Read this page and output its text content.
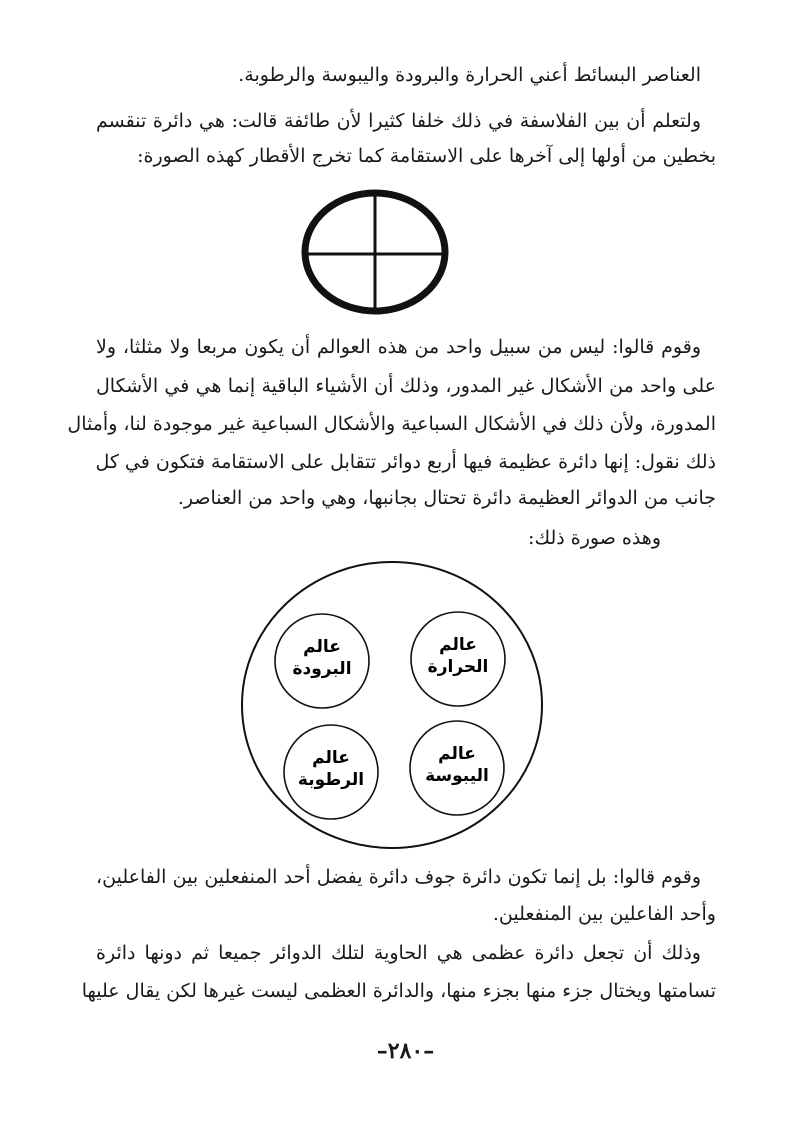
العناصر البسائط أعني الحرارة والبرودة واليبوسة والرطوبة.
ولتعلم أن بين الفلاسفة في ذلك خلفا كثيرا لأن طائفة قالت: هي دائرة تنقسم
بخطين من أولها إلى آخرها على الاستقامة كما تخرج الأقطار كهذه الصورة:
وقوم قالوا: ليس من سبيل واحد من هذه العوالم أن يكون مربعا ولا مثلثا، ولا
على واحد من الأشكال غير المدور، وذلك أن الأشياء الباقية إنما هي في الأشكال
المدورة، ولأن ذلك في الأشكال السباعية والأشكال السباعية غير موجودة لنا، وأمثال
ذلك نقول: إنها دائرة عظيمة فيها أربع دوائر تتقابل على الاستقامة فتكون في كل
جانب من الدوائر العظيمة دائرة تحتال بجانبها، وهي واحد من العناصر.
وهذه صورة ذلك:
عالم
البرودة
عالم
الحرارة
عالم
الرطوبة
عالم
اليبوسة
وقوم قالوا: بل إنما تكون دائرة جوف دائرة يفضل أحد المنفعلين بين الفاعلين،
وأحد الفاعلين بين المنفعلين.
وذلك أن تجعل دائرة عظمى هي الحاوية لتلك الدوائر جميعا ثم دونها دائرة
تسامتها ويختال جزء منها بجزء منها، والدائرة العظمى ليست غيرها لكن يقال عليها
–٢٨٠–
